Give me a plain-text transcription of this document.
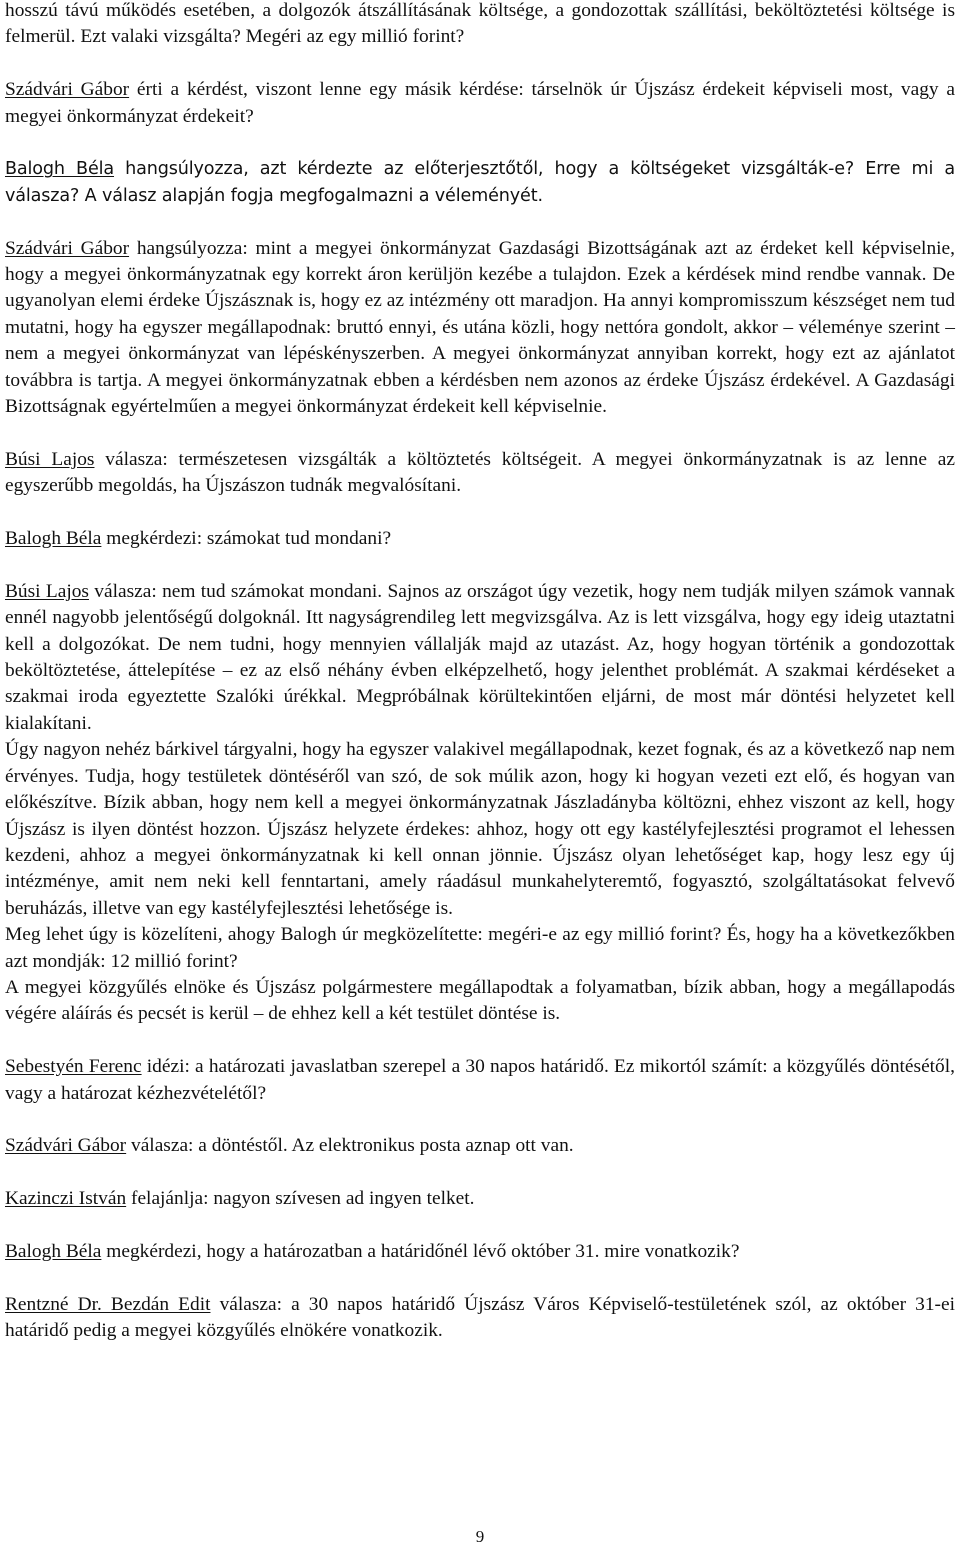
hosszú távú működés esetében, a dolgozók átszállításának költsége, a gondozottak szállítási, beköltöztetési költsége is felmerül. Ezt valaki vizsgálta? Megéri az egy millió forint?

Szádvári Gábor érti a kérdést, viszont lenne egy másik kérdése: társelnök úr Újszász érdekeit képviseli most, vagy a megyei önkormányzat érdekeit?

Balogh Béla hangsúlyozza, azt kérdezte az előterjesztőtől, hogy a költségeket vizsgálták-e? Erre mi a válasza? A válasz alapján fogja megfogalmazni a véleményét.

Szádvári Gábor hangsúlyozza: mint a megyei önkormányzat Gazdasági Bizottságának azt az érdeket kell képviselnie, hogy a megyei önkormányzatnak egy korrekt áron kerüljön kezébe a tulajdon. Ezek a kérdések mind rendbe vannak. De ugyanolyan elemi érdeke Újszásznak is, hogy ez az intézmény ott maradjon. Ha annyi kompromisszum készséget nem tud mutatni, hogy ha egyszer megállapodnak: bruttó ennyi, és utána közli, hogy nettóra gondolt, akkor – véleménye szerint – nem a megyei önkormányzat van lépéskényszerben. A megyei önkormányzat annyiban korrekt, hogy ezt az ajánlatot továbbra is tartja. A megyei önkormányzatnak ebben a kérdésben nem azonos az érdeke Újszász érdekével. A Gazdasági Bizottságnak egyértelműen a megyei önkormányzat érdekeit kell képviselnie.

Búsi Lajos válasza: természetesen vizsgálták a költöztetés költségeit. A megyei önkormányzatnak is az lenne az egyszerűbb megoldás, ha Újszászon tudnák megvalósítani.

Balogh Béla megkérdezi: számokat tud mondani?

Búsi Lajos válasza: nem tud számokat mondani. Sajnos az országot úgy vezetik, hogy nem tudják milyen számok vannak ennél nagyobb jelentőségű dolgoknál. Itt nagyságrendileg lett megvizsgálva. Az is lett vizsgálva, hogy egy ideig utaztatni kell a dolgozókat. De nem tudni, hogy mennyien vállalják majd az utazást. Az, hogy hogyan történik a gondozottak beköltöztetése, áttelepítése – ez az első néhány évben elképzelhető, hogy jelenthet problémát. A szakmai kérdéseket a szakmai iroda egyeztette Szalóki úrékkal. Megpróbálnak körültekintően eljárni, de most már döntési helyzetet kell kialakítani.

Úgy nagyon nehéz bárkivel tárgyalni, hogy ha egyszer valakivel megállapodnak, kezet fognak, és az a következő nap nem érvényes. Tudja, hogy testületek döntéséről van szó, de sok múlik azon, hogy ki hogyan vezeti ezt elő, és hogyan van előkészítve. Bízik abban, hogy nem kell a megyei önkormányzatnak Jászladányba költözni, ehhez viszont az kell, hogy Újszász is ilyen döntést hozzon. Újszász helyzete érdekes: ahhoz, hogy ott egy kastélyfejlesztési programot el lehessen kezdeni, ahhoz a megyei önkormányzatnak ki kell onnan jönnie. Újszász olyan lehetőséget kap, hogy lesz egy új intézménye, amit nem neki kell fenntartani, amely ráadásul munkahelyteremtő, fogyasztó, szolgáltatásokat felvevő beruházás, illetve van egy kastélyfejlesztési lehetősége is.

Meg lehet úgy is közelíteni, ahogy Balogh úr megközelítette: megéri-e az egy millió forint? És, hogy ha a következőkben azt mondják: 12 millió forint?

A megyei közgyűlés elnöke és Újszász polgármestere megállapodtak a folyamatban, bízik abban, hogy a megállapodás végére aláírás és pecsét is kerül – de ehhez kell a két testület döntése is.

Sebestyén Ferenc idézi: a határozati javaslatban szerepel a 30 napos határidő. Ez mikortól számít: a közgyűlés döntésétől, vagy a határozat kézhezvételétől?

Szádvári Gábor válasza: a döntéstől. Az elektronikus posta aznap ott van.

Kazinczi István felajánlja: nagyon szívesen ad ingyen telket.

Balogh Béla megkérdezi, hogy a határozatban a határidőnél lévő október 31. mire vonatkozik?

Rentzné Dr. Bezdán Edit válasza: a 30 napos határidő Újszász Város Képviselő-testületének szól, az október 31-ei határidő pedig a megyei közgyűlés elnökére vonatkozik.

9
